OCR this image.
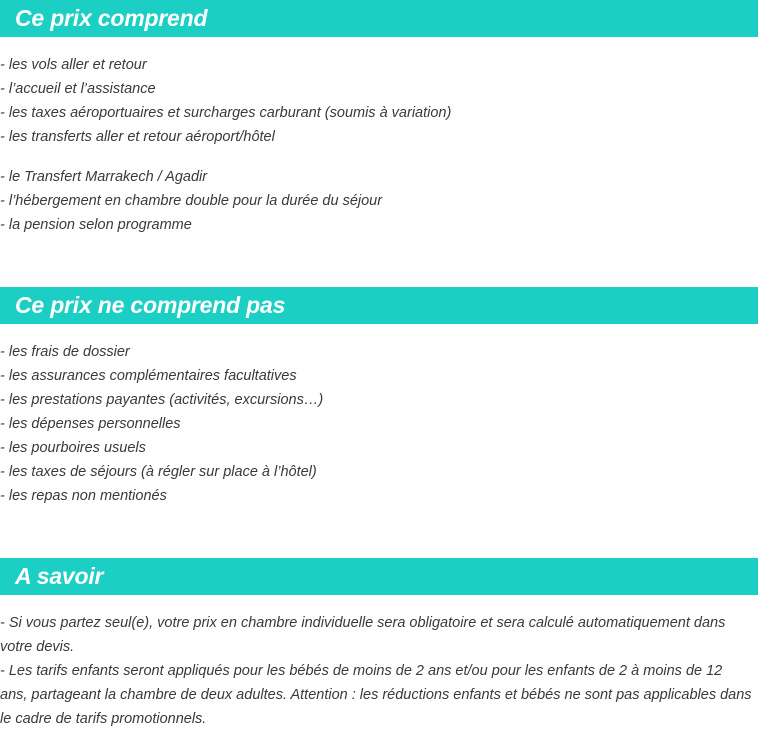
Ce prix comprend
- les vols aller et retour
- l’accueil et l’assistance
- les taxes aéroportuaires et surcharges carburant (soumis à variation)
- les transferts aller et retour aéroport/hôtel
- le Transfert Marrakech / Agadir
- l’hébergement en chambre double pour la durée du séjour
- la pension selon programme
Ce prix ne comprend pas
- les frais de dossier
- les assurances complémentaires facultatives
- les prestations payantes (activités, excursions…)
- les dépenses personnelles
- les pourboires usuels
- les taxes de séjours (à régler sur place à l’hôtel)
- les repas non mentionés
A savoir
- Si vous partez seul(e), votre prix en chambre individuelle sera obligatoire et sera calculé automatiquement dans votre devis.
- Les tarifs enfants seront appliqués pour les bébés de moins de 2 ans et/ou pour les enfants de 2 à moins de 12 ans, partageant la chambre de deux adultes. Attention : les réductions enfants et bébés ne sont pas applicables dans le cadre de tarifs promotionnels.
